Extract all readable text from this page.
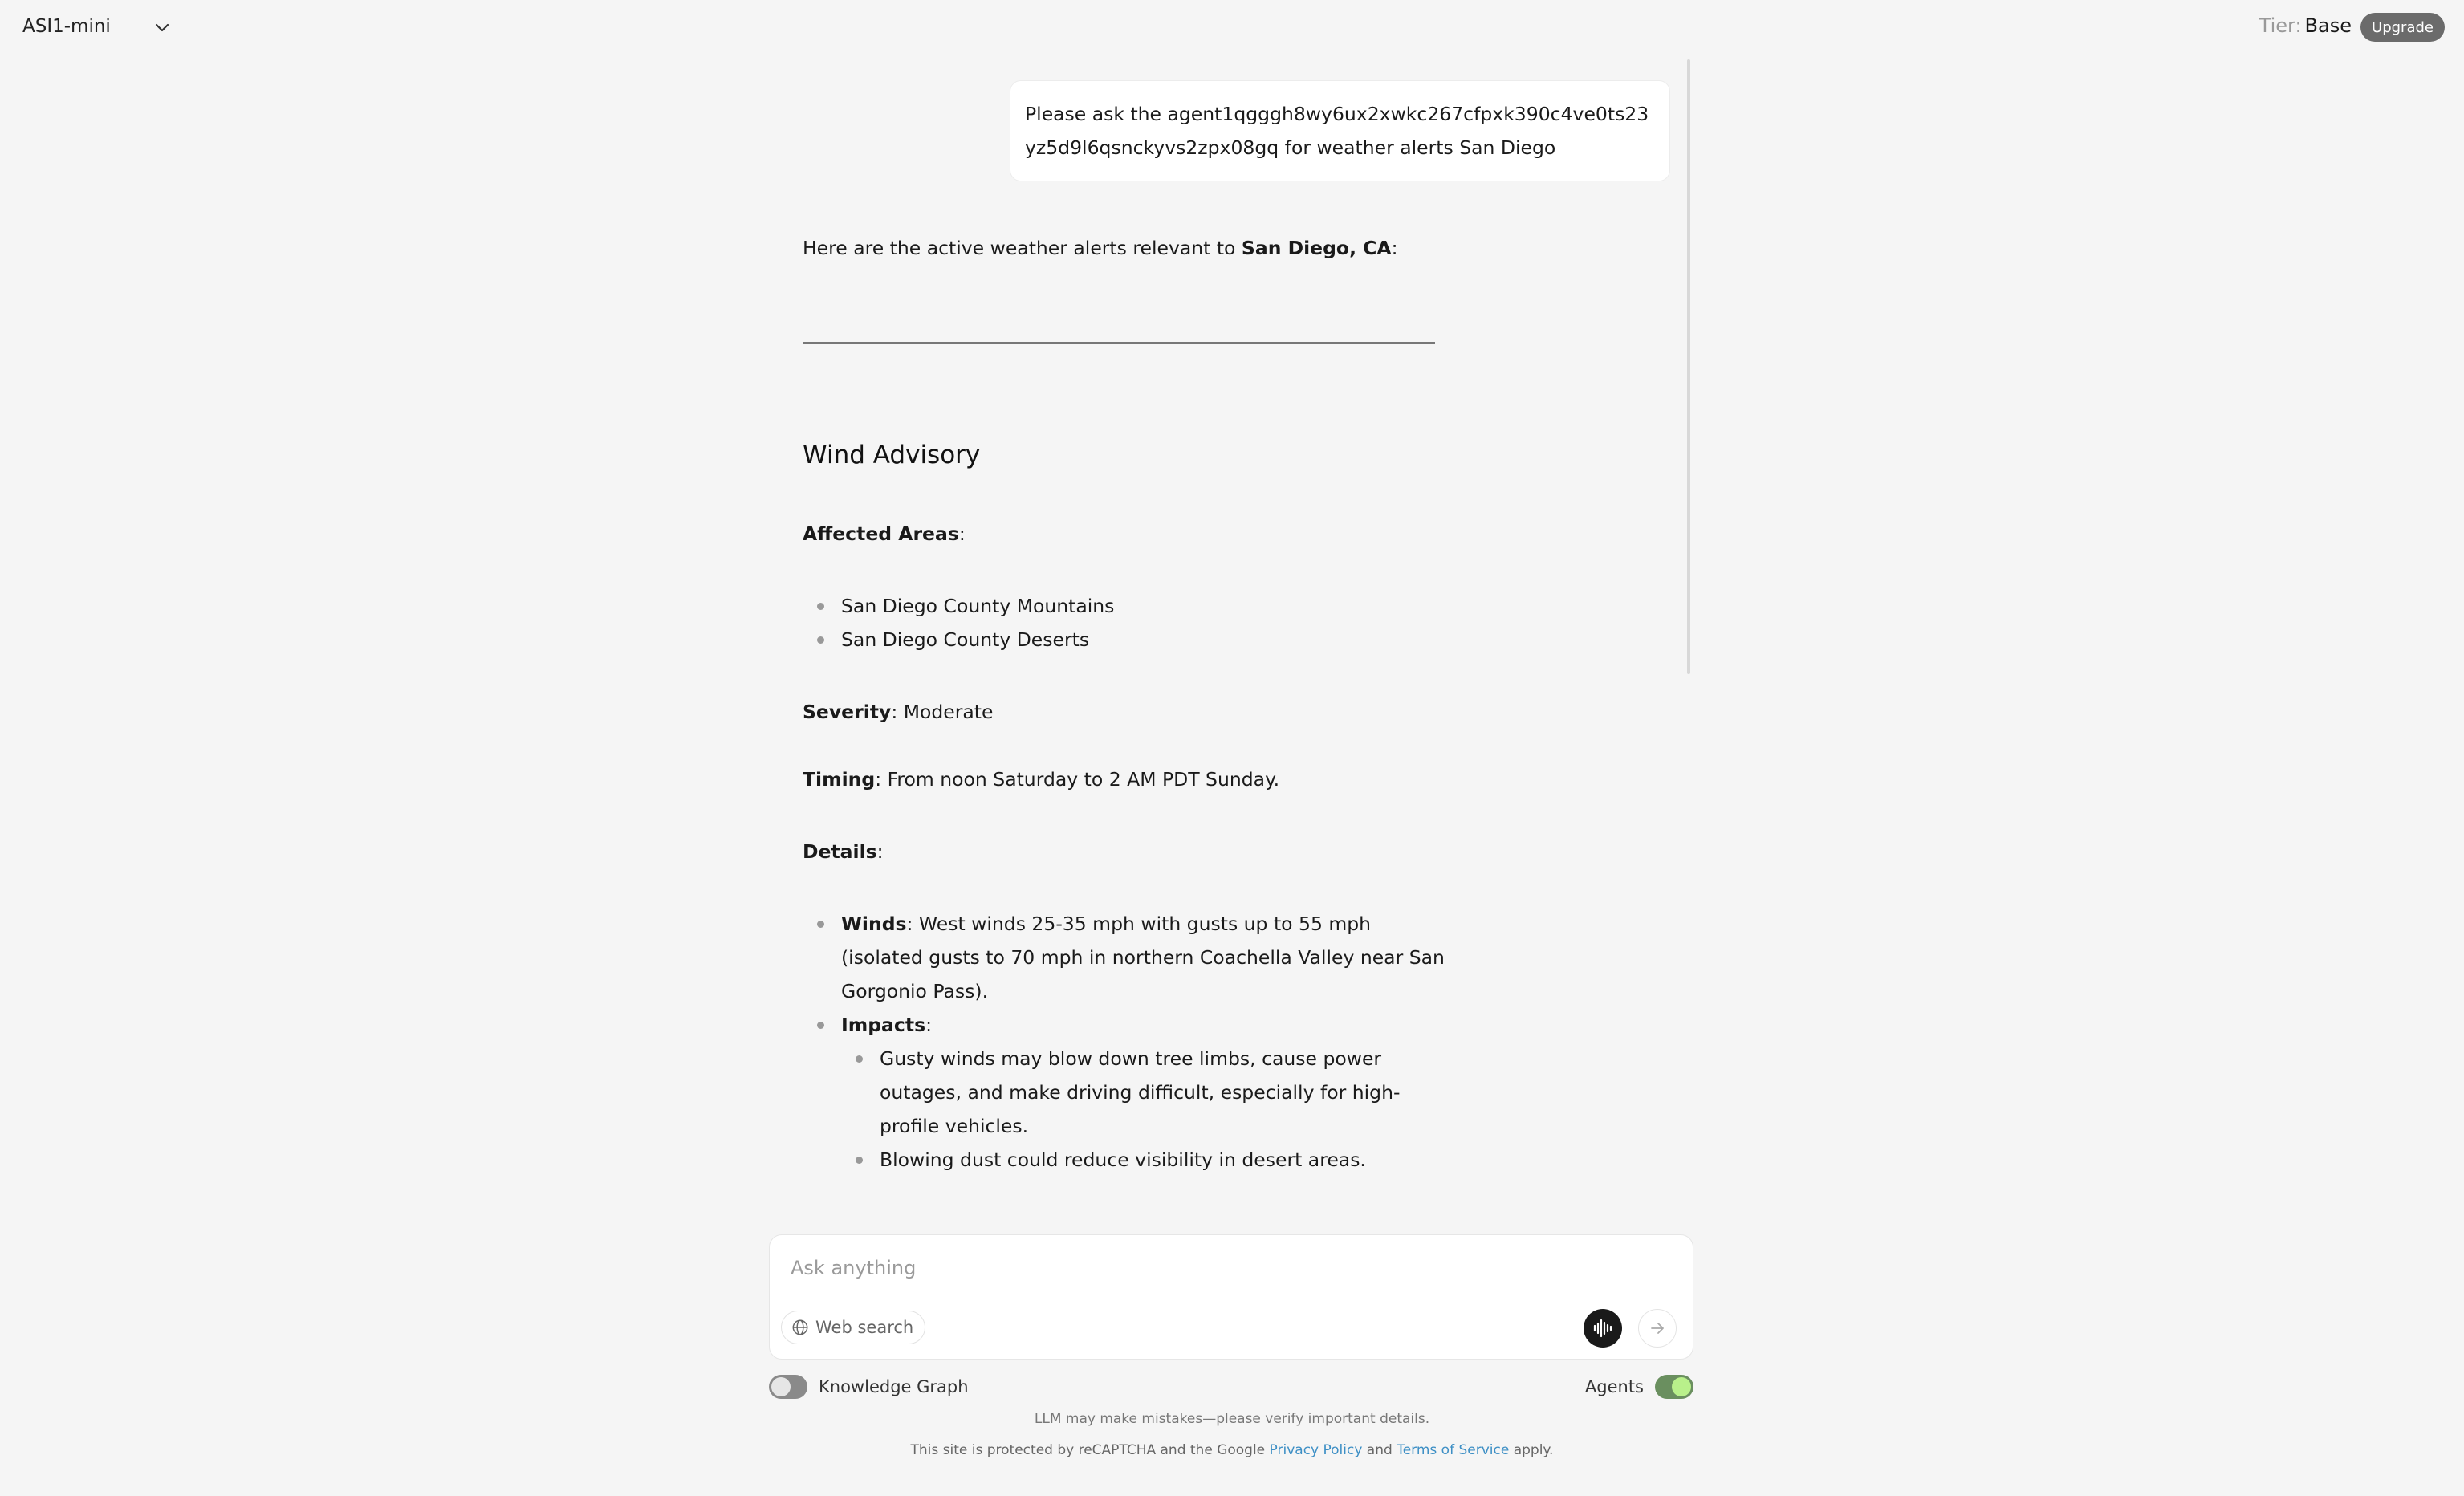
ASI1-mini	Tier: Base	Upgrade
Please ask the agent1qgggh8wy6ux2xwkc267cfpxk390c4ve0ts23yz5d9l6qsnckyvs2zpx08gq for weather alerts San Diego

Here are the active weather alerts relevant to San Diego, CA:

Wind Advisory

Affected Areas:

San Diego County Mountains
San Diego County Deserts

Severity: Moderate

Timing: From noon Saturday to 2 AM PDT Sunday.

Details:

Winds: West winds 25-35 mph with gusts up to 55 mph (isolated gusts to 70 mph in northern Coachella Valley near San Gorgonio Pass).
Impacts:
Gusty winds may blow down tree limbs, cause power outages, and make driving difficult, especially for high-profile vehicles.
Blowing dust could reduce visibility in desert areas.
Ask anything
Web search
Knowledge Graph	Agents
LLM may make mistakes—please verify important details.
This site is protected by reCAPTCHA and the Google Privacy Policy and Terms of Service apply.
